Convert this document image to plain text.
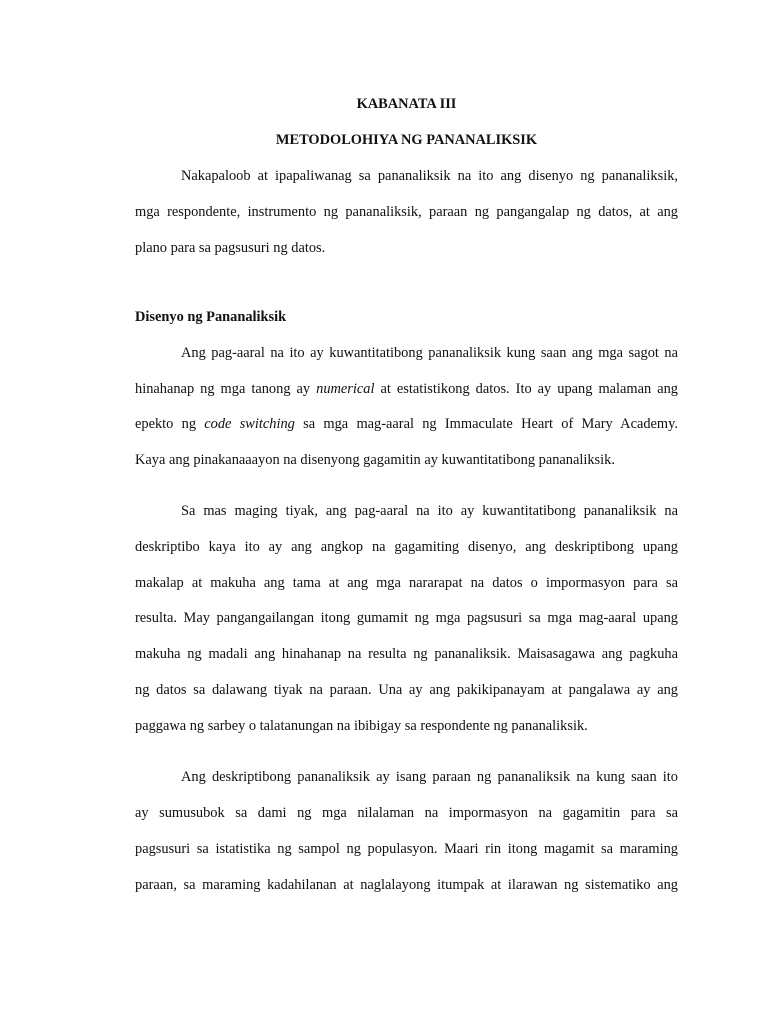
KABANATA III
METODOLOHIYA NG PANANALIKSIK
Nakapaloob at ipapaliwanag sa pananaliksik na ito ang disenyo ng pananaliksik,
mga respondente, instrumento ng pananaliksik, paraan ng pangangalap ng datos, at ang
plano para sa pagsusuri ng datos.
Disenyo ng Pananaliksik
Ang pag-aaral na ito ay kuwantitatibong pananaliksik kung saan ang mga sagot na
hinahanap ng mga tanong ay numerical at estatistikong datos. Ito ay upang malaman ang
epekto ng code switching sa mga mag-aaral ng Immaculate Heart of Mary Academy.
Kaya ang pinakanaaayon na disenyong gagamitin ay kuwantitatibong pananaliksik.
Sa mas maging tiyak, ang pag-aaral na ito ay kuwantitatibong pananaliksik na
deskriptibo kaya ito ay ang angkop na gagamiting disenyo, ang deskriptibong upang
makalap at makuha ang tama at ang mga nararapat na datos o impormasyon para sa
resulta. May pangangailangan itong gumamit ng mga pagsusuri sa mga mag-aaral upang
makuha ng madali ang hinahanap na resulta ng pananaliksik. Maisasagawa ang pagkuha
ng datos sa dalawang tiyak na paraan. Una ay ang pakikipanayam at pangalawa ay ang
paggawa ng sarbey o talatanungan na ibibigay sa respondente ng pananaliksik.
Ang deskriptibong pananaliksik ay isang paraan ng pananaliksik na kung saan ito
ay sumusubok sa dami ng mga nilalaman na impormasyon na gagamitin para sa
pagsusuri sa istatistika ng sampol ng populasyon. Maari rin itong magamit sa maraming
paraan, sa maraming kadahilanan at naglalayong itumpak at ilarawan ng sistematiko ang
